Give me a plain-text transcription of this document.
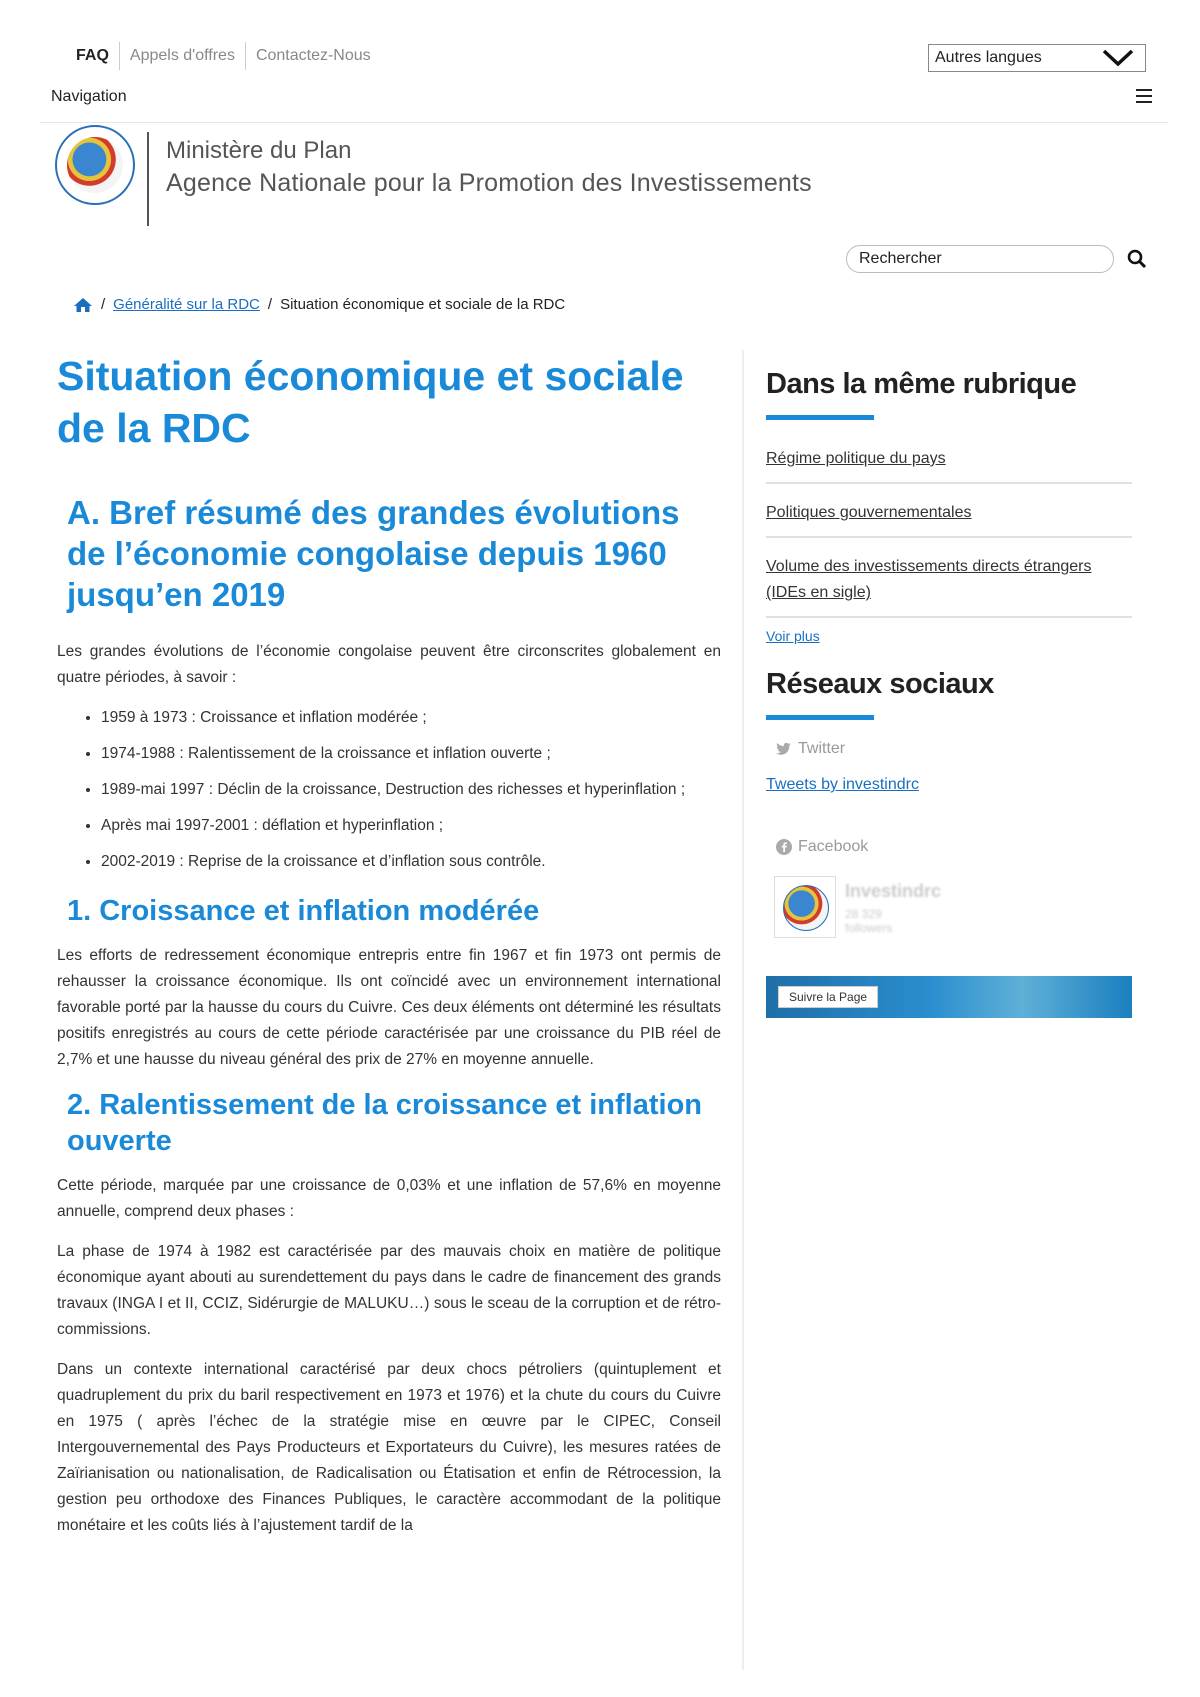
FAQ	Appels d'offres	Contactez-Nous	Autres langues
Navigation
Ministère du Plan
Agence Nationale pour la Promotion des Investissements
Rechercher
/ Généralité sur la RDC / Situation économique et sociale de la RDC
Situation économique et sociale de la RDC
A. Bref résumé des grandes évolutions de l’économie congolaise depuis 1960 jusqu’en 2019

Les grandes évolutions de l’économie congolaise peuvent être circonscrites globalement en quatre périodes, à savoir :

• 1959 à 1973 : Croissance et inflation modérée ;
• 1974-1988 : Ralentissement de la croissance et inflation ouverte ;
• 1989-mai 1997 : Déclin de la croissance, Destruction des richesses et hyperinflation ;
• Après mai 1997-2001 : déflation et hyperinflation ;
• 2002-2019 : Reprise de la croissance et d’inflation sous contrôle.
1. Croissance et inflation modérée

Les efforts de redressement économique entrepris entre fin 1967 et fin 1973 ont permis de rehausser la croissance économique. Ils ont coïncidé avec un environnement international favorable porté par la hausse du cours du Cuivre. Ces deux éléments ont déterminé les résultats positifs enregistrés au cours de cette période caractérisée par une croissance du PIB réel de 2,7% et une hausse du niveau général des prix de 27% en moyenne annuelle.

2. Ralentissement de la croissance et inflation ouverte

Cette période, marquée par une croissance de 0,03% et une inflation de 57,6% en moyenne annuelle, comprend deux phases :

La phase de 1974 à 1982 est caractérisée par des mauvais choix en matière de politique économique ayant abouti au surendettement du pays dans le cadre de financement des grands travaux (INGA I et II, CCIZ, Sidérurgie de MALUKU…) sous le sceau de la corruption et de rétro-commissions.

Dans un contexte international caractérisé par deux chocs pétroliers (quintuplement et quadruplement du prix du baril respectivement en 1973 et 1976) et la chute du cours du Cuivre en 1975 ( après l’échec de la stratégie mise en œuvre par le CIPEC, Conseil Intergouvernemental des Pays Producteurs et Exportateurs du Cuivre), les mesures ratées de Zaïrianisation ou nationalisation, de Radicalisation ou Étatisation et enfin de Rétrocession, la gestion peu orthodoxe des Finances Publiques, le caractère accommodant de la politique monétaire et les coûts liés à l’ajustement tardif de la

Dans la même rubrique
Régime politique du pays
Politiques gouvernementales
Volume des investissements directs étrangers (IDEs en sigle)
Voir plus
Réseaux sociaux
Twitter
Tweets by investindrc
Facebook
Investindrc
28 329 followers
Suivre la Page
